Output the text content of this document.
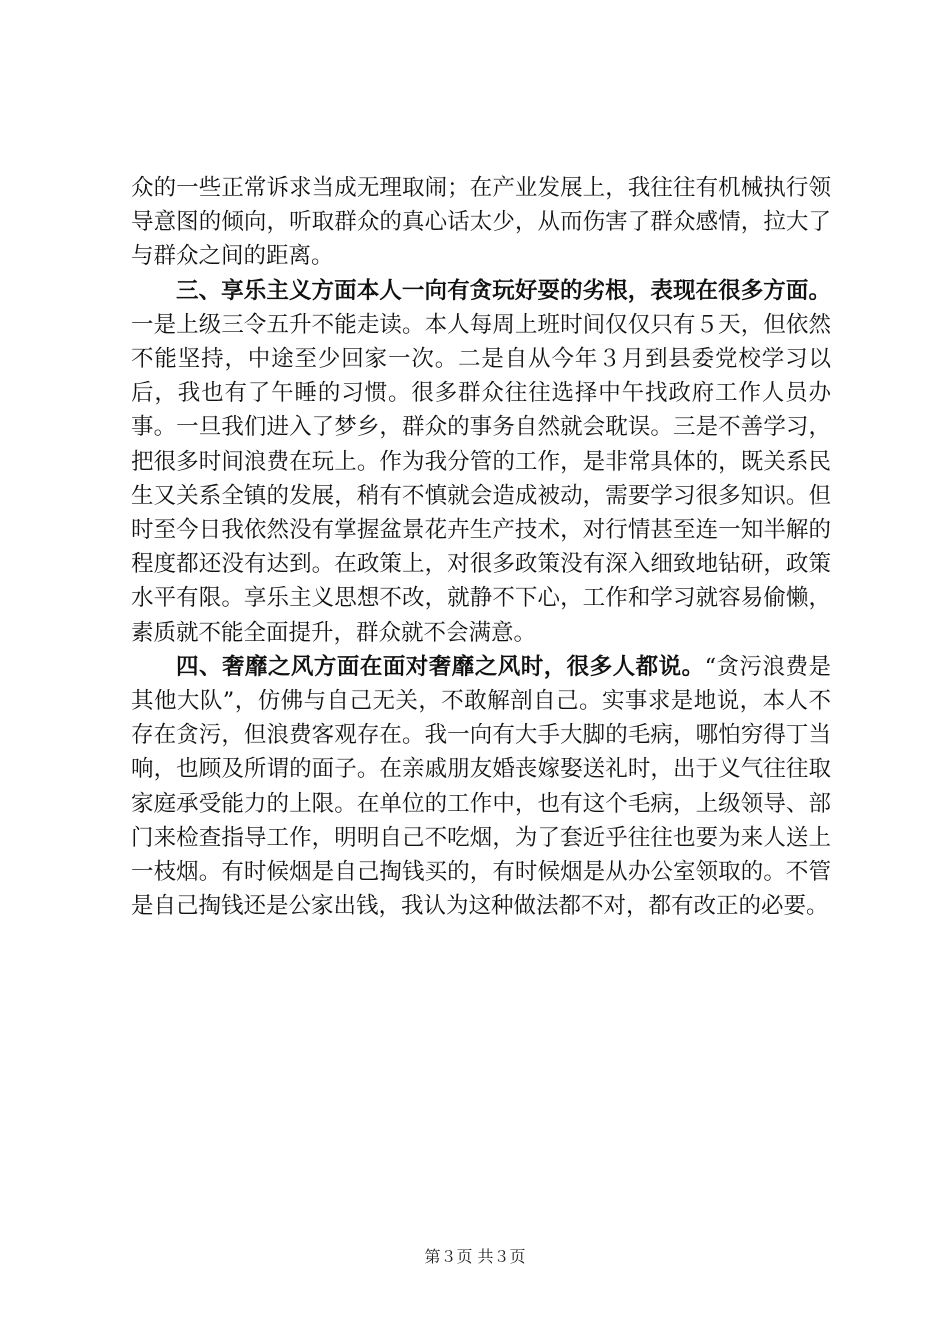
众的一些正常诉求当成无理取闹；在产业发展上，我往往有机械执行领导意图的倾向，听取群众的真心话太少，从而伤害了群众感情，拉大了与群众之间的距离。

三、享乐主义方面本人一向有贪玩好耍的劣根，表现在很多方面。一是上级三令五升不能走读。本人每周上班时间仅仅只有５天，但依然不能坚持，中途至少回家一次。二是自从今年３月到县委党校学习以后，我也有了午睡的习惯。很多群众往往选择中午找政府工作人员办事。一旦我们进入了梦乡，群众的事务自然就会耽误。三是不善学习，把很多时间浪费在玩上。作为我分管的工作，是非常具体的，既关系民生又关系全镇的发展，稍有不慎就会造成被动，需要学习很多知识。但时至今日我依然没有掌握盆景花卉生产技术，对行情甚至连一知半解的程度都还没有达到。在政策上，对很多政策没有深入细致地钻研，政策水平有限。享乐主义思想不改，就静不下心，工作和学习就容易偷懒，素质就不能全面提升，群众就不会满意。

四、奢靡之风方面在面对奢靡之风时，很多人都说。“贪污浪费是其他大队”，仿佛与自己无关，不敢解剖自己。实事求是地说，本人不存在贪污，但浪费客观存在。我一向有大手大脚的毛病，哪怕穷得丁当响，也顾及所谓的面子。在亲戚朋友婚丧嫁娶送礼时，出于义气往往取家庭承受能力的上限。在单位的工作中，也有这个毛病，上级领导、部门来检查指导工作，明明自己不吃烟，为了套近乎往往也要为来人送上一枝烟。有时候烟是自己掏钱买的，有时候烟是从办公室领取的。不管是自己掏钱还是公家出钱，我认为这种做法都不对，都有改正的必要。

第３页 共３页
